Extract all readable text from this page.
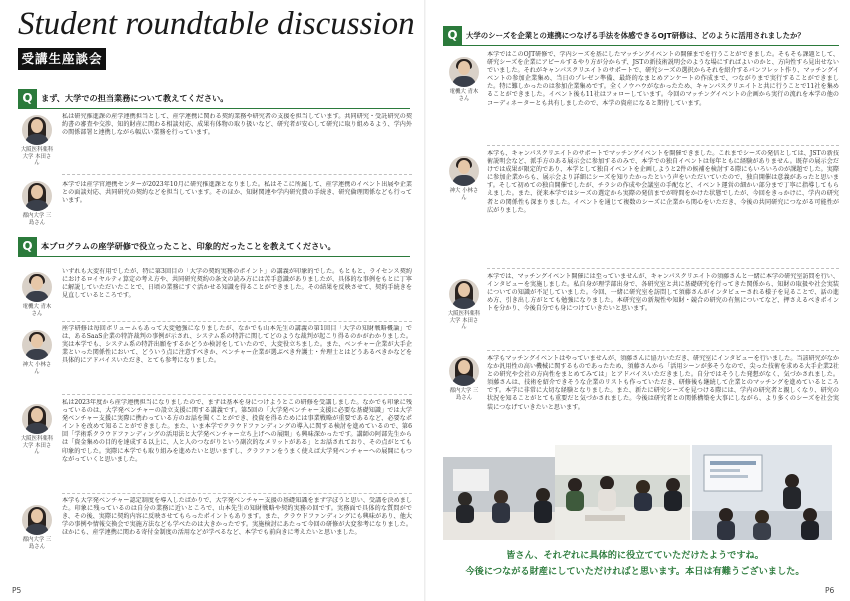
Student roundtable discussion
受講生座談会
Q	まず、大学での担当業務について教えてください。
大阪医科薬科大学 本田さん
私は研究推進課の産学連携担当として、産学連携に関わる契約業務や研究者の支援を担当しています。共同研究・受託研究の契約書の審査や交渉、知的財産に関わる相談対応、成果有体物の取り扱いなど、研究者が安心して研究に取り組めるよう、学内外の関係部署と連携しながら幅広い業務を行っています。
都内大学 三島さん
本学では産学官連携センターが2023年10月に研究推進課となりました。私はそこに所属して、産学連携のイベント出展や企業との面談対応、共同研究の契約などを担当しています。そのほか、知財関連や学内研究費の手続き、研究倫理関係なども行っています。
Q	本プログラムの座学研修で役立ったこと、印象的だったことを教えてください。
電機大 青木さん
いずれも大変有用でしたが、特に第3回目の「大学の契約実務のポイント」の講義が印象的でした。もともと、ライセンス契約におけるロイヤルティ算定の考え方や、共同研究契約の条文の読み方には苦手意識がありましたが、具体的な事例をもとに丁寧に解説していただいたことで、日頃の業務にすぐ活かせる知識を得ることができました。その結果を反映させて、契約手続きを見直しているところです。
神大 小林さん
座学研修は毎回ボリュームもあって大変勉強になりましたが、なかでも山本先生の講義の第1回目「大学の知財戦略概論」では、あるSaaS企業の特許裁判の事例が示され、システム系の特許に関してどのような裁判が起こり得るのかがわかりました。実は本学でも、システム系の特許出願をするかどうか検討をしていたので、大変役立ちました。また、ベンチャー企業が大手企業といった関係性において、どういう点に注意すべきか、ベンチャー企業が選ぶべき弁護士・弁理士とはどうあるべきかなどを具体的にアドバイスいただき、とても参考になりました。
大阪医科薬科大学 本田さん
私は2023年度から産学連携担当になりましたので、まずは基本を身につけようとこの研修を受講しました。なかでも印象に残っているのは、大学発ベンチャーの設立支援に関する講義です。第5回の「大学発ベンチャー支援に必要な基礎知識」では大学発ベンチャー支援に実際に携わっている方のお話を聞くことができ、投資を得るためには事業戦略が重要であるなど、必要なポイントを改めて知ることができました。また、いま本学でクラウドファンディングの導入に関する検討を進めているので、第6回「学術系クラウドファンディングの活用法と大学発ベンチャー立ち上げへの展開」も興味深かったです。講師の阿部先生からは「資金集めの目的を達成する以上に、人と人のつながりという副次的なメリットがある」とお話されており、その点がとても印象的でした。実際に本学でも取り組みを進めたいと思いますし、クラファンをうまく使えば大学発ベンチャーへの展開にもつながっていくと思いました。
都内大学 三島さん
本学も大学発ベンチャー認定制度を導入したばかりで、大学発ベンチャー支援の基礎知識をまず学ぼうと思い、受講を決めました。印象に残っているのは自分の業務に近いところで、山本先生の知財戦略や契約実務の回です。実務面で具体的な質問ができ、その後、実際に契約内容に反映させてもらったポイントもあります。また、クラウドファンディングにも興味があり、他大学の事例や情報交換会で実施方法なども学べたのは大きかったです。実施検討にあたって今回の研修が大変参考になりました。ほかにも、産学連携に関わる寄付金制度の活用などが学べるなど、本学でも前向きに考えたいと思いました。
P5
Q	大学のシーズを企業との連携につなげる手法を体感できるOJT研修は、どのように活用されましたか？
電機大 青木さん
本学ではこのOJT研修で、学内シーズを基にしたマッチングイベントの開催までを行うことができました。そもそも課題として、研究シーズを企業にアピールするやり方が分からず、JSTの新技術説明会のような場にすればよいのかと、方向性すら見出せないでいました。それがキャンパスクリエイトのサポートで、研究シーズの選択からそれを紹介するパンフレット作り、マッチングイベントの参加企業集め、当日のプレゼン準備、最終的なまとめアンケートの作成まで、つながりまで実行することができました。特に難しかったのは参加企業集めです。全くノウハウがなかったため、キャンパスクリエイトと共に行うことで11社を集めることができました。イベント後も11社はフォローしています。今回のマッチングイベントの企画から実行の流れを本学の他のコーディネーターとも共有しましたので、本学の資産になると期待しています。
神大 小林さん
本学も、キャンパスクリエイトのサポートでマッチングイベントを開催できました。これまでシーズの発信としては、JSTの新技術説明会など、派手方のある展示会に参加するのみで、本学での独自イベントは毎年ともに経験がありません。既存の展示会だけでは成果が限定的であり、本学として独自イベントを企画しようと2件の候補を検討する際にもいろいろのが課題でした。実際に参加企業からも、展示会より詳細にシーズを知りたかったという声をいただいていたので、独自開催は意義があったと思います。そして初めての独自開催でしたが、チラシの作成や会議室の手配など、イベント運営の細かい部分まで丁寧に指導してもらえました。また、従来本学ではシーズの選定から実際の発信までが時間をかけた状態でしたが、今回をきっかけに、学内の研究者との関係性も深まりました。イベントを通じて複数のシーズに企業から関心をいただき、今後の共同研究につながる可能性が広がりました。
大阪医科薬科大学 本田さん
本学では、マッチングイベント開催には至っていませんが、キャンパスクリエイトの須藤さんと一緒に本学の研究室訪問を行い、インタビューを実施しました。私自身が理学部出身で、各研究室と共に基礎研究を行ってきた関係から、知財の取扱や社会実装についての知識が不足していました。今回、一緒に研究室を訪問して須藤さんがインタビューされる様子を見ることで、話の進め方、引き出し方がとても勉強になりました。本研究室の新規性や知財・競合の研究の有無についてなど、押さえるべきポイントを分かり、今後自分でも身につけていきたいと思います。
都内大学 三島さん
本学もマッチングイベントはやっていませんが、須藤さんに協力いただき、研究室にインタビューを行いました。当該研究がなかなか汎用性の高い機械に関するものであったため、須藤さんから「活用シーンが多そうなので、尖った技術を求める大手企業2社との研究や会社の方向性をまとめてみては」とアドバイスいただきました。自分ではそうした発想がなく、気づかされました。須藤さんは、技術を紹介できそうな企業のリストも作っていただき、研修後も継続して企業とのマッチングを進めているところです。本学に非常に大切な経験となりました。また、新たに研究シーズを見つける際には、学内の研究者と親しくなり、研究の状況を知ることがとても重要だと気づかされました。今後は研究者との関係構築を大事にしながら、より多くのシーズを社会実装につなげていきたいと思います。
P6
皆さん、それぞれに具体的に役立てていただけたようですね。
今後につながる財産にしていただければと思います。本日は有難うございました。
